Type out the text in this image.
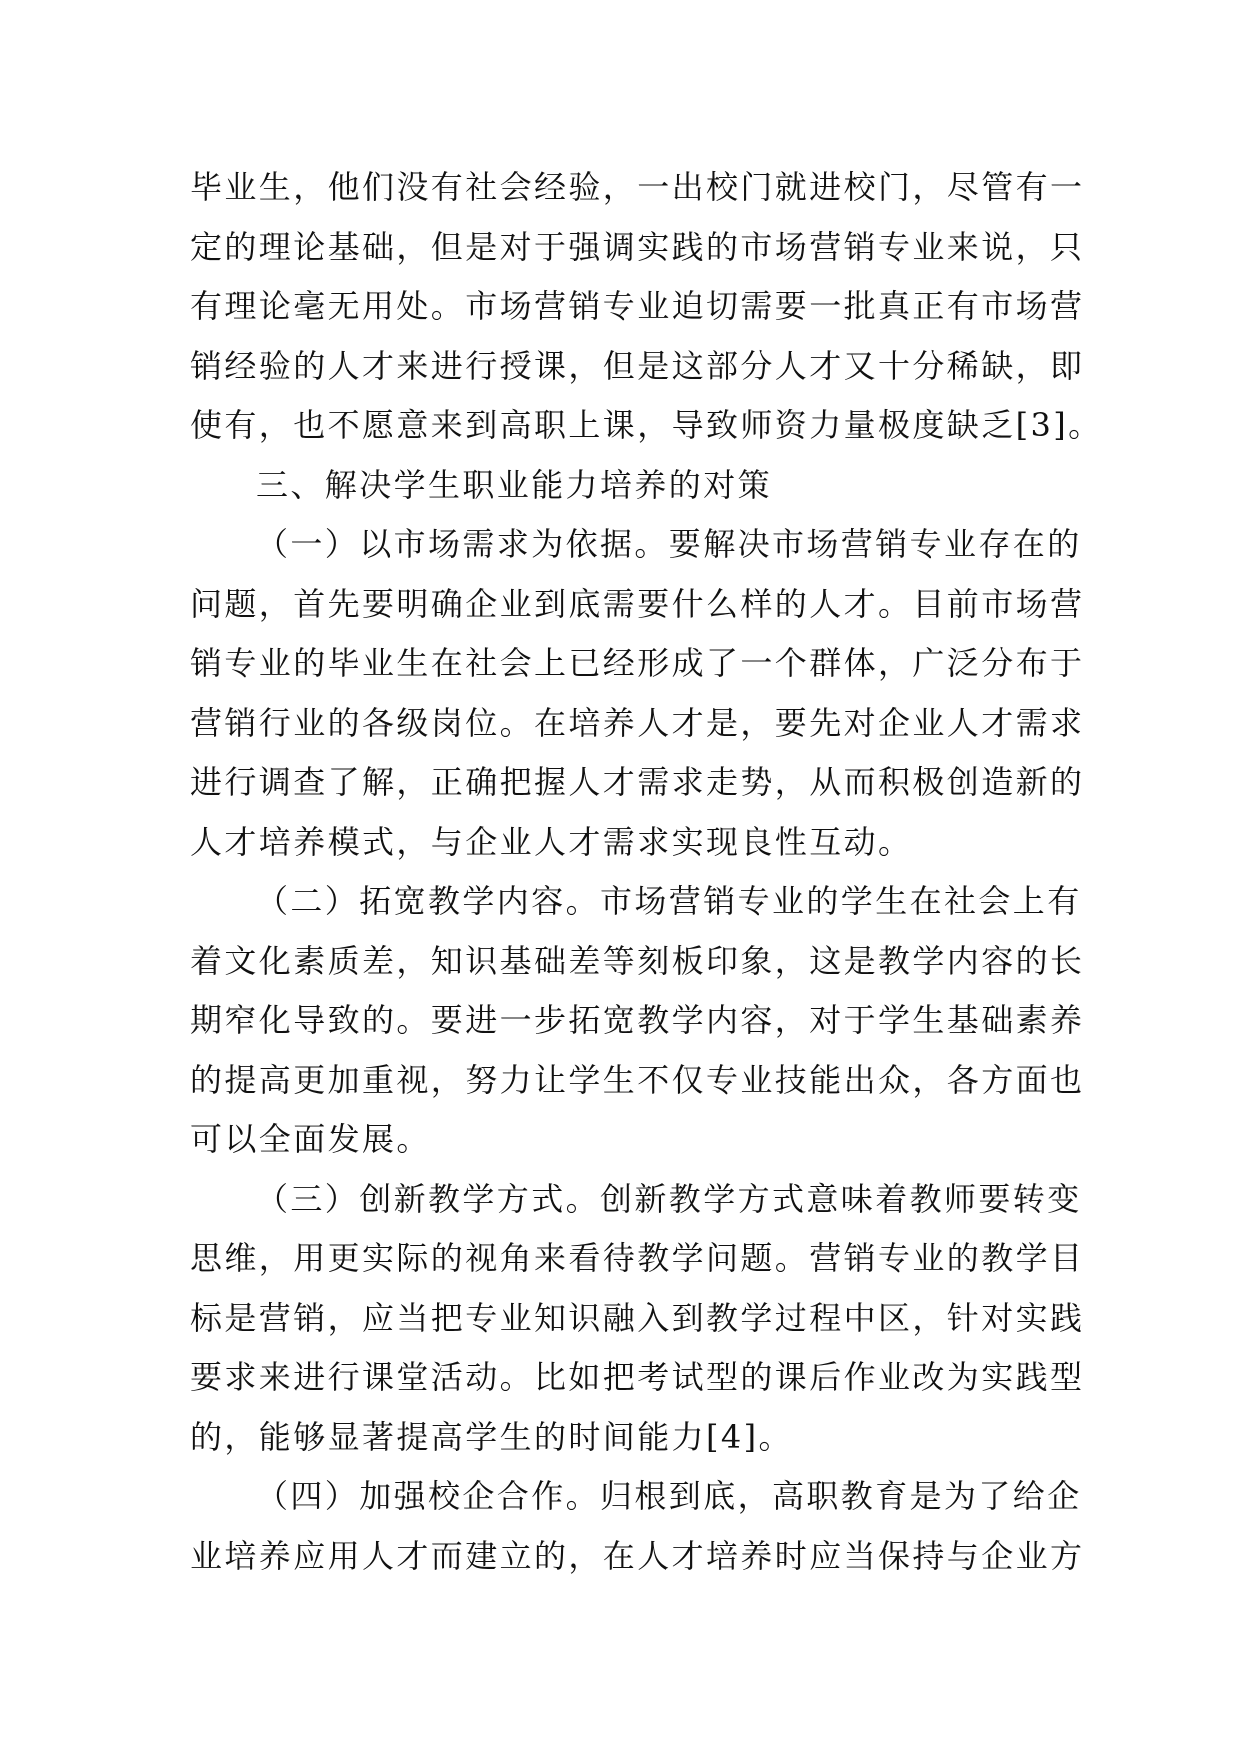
毕业生，他们没有社会经验，一出校门就进校门，尽管有一
定的理论基础，但是对于强调实践的市场营销专业来说，只
有理论毫无用处。市场营销专业迫切需要一批真正有市场营
销经验的人才来进行授课，但是这部分人才又十分稀缺，即
使有，也不愿意来到高职上课，导致师资力量极度缺乏[3]。
三、解决学生职业能力培养的对策
（一）以市场需求为依据。要解决市场营销专业存在的
问题，首先要明确企业到底需要什么样的人才。目前市场营
销专业的毕业生在社会上已经形成了一个群体，广泛分布于
营销行业的各级岗位。在培养人才是，要先对企业人才需求
进行调查了解，正确把握人才需求走势，从而积极创造新的
人才培养模式，与企业人才需求实现良性互动。
（二）拓宽教学内容。市场营销专业的学生在社会上有
着文化素质差，知识基础差等刻板印象，这是教学内容的长
期窄化导致的。要进一步拓宽教学内容，对于学生基础素养
的提高更加重视，努力让学生不仅专业技能出众，各方面也
可以全面发展。
（三）创新教学方式。创新教学方式意味着教师要转变
思维，用更实际的视角来看待教学问题。营销专业的教学目
标是营销，应当把专业知识融入到教学过程中区，针对实践
要求来进行课堂活动。比如把考试型的课后作业改为实践型
的，能够显著提高学生的时间能力[4]。
（四）加强校企合作。归根到底，高职教育是为了给企
业培养应用人才而建立的，在人才培养时应当保持与企业方
